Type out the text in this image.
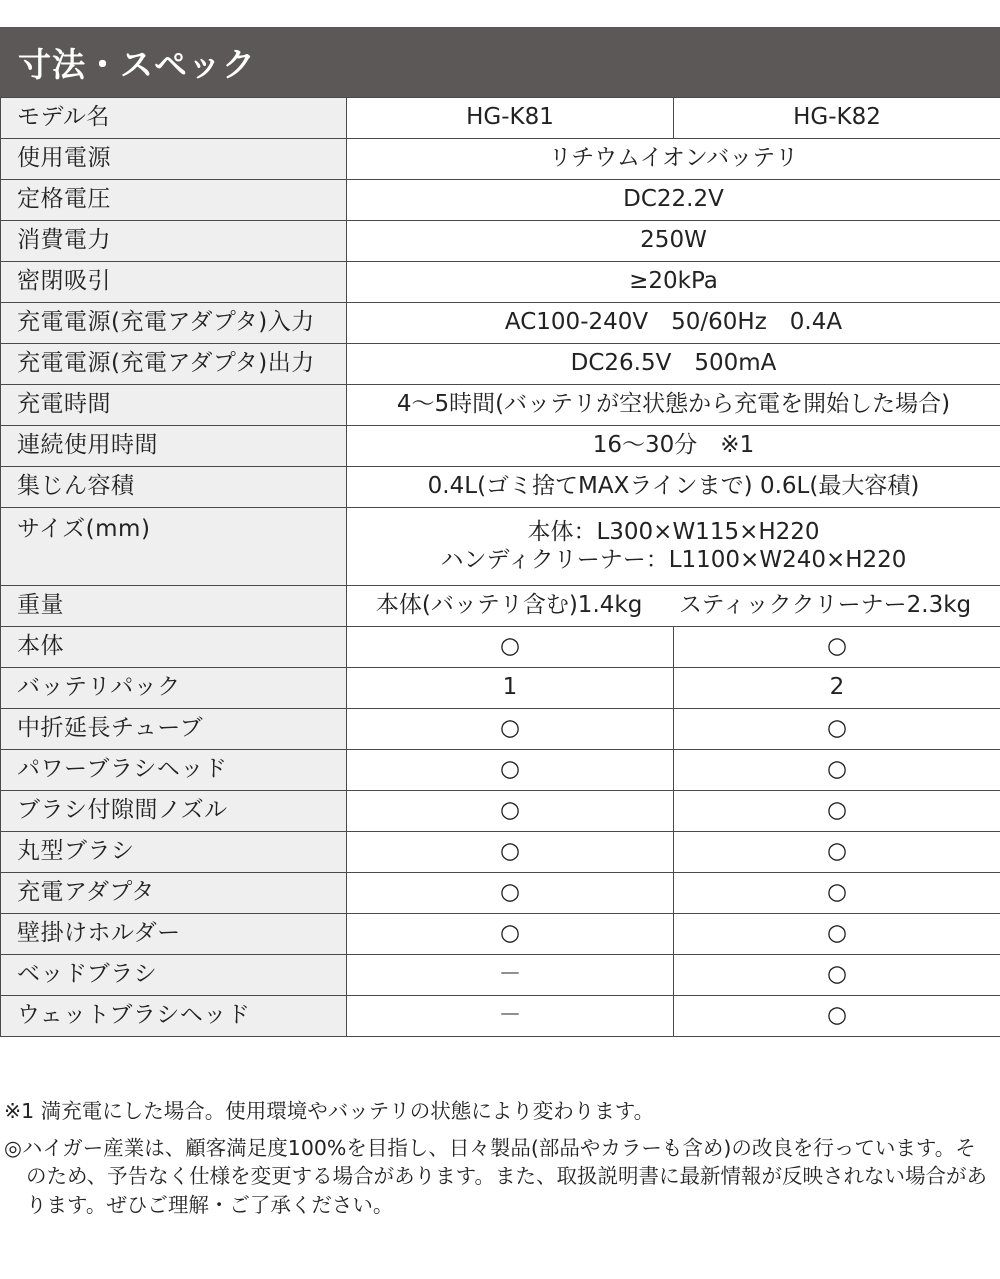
寸法・スペック
モデル名	HG-K81	HG-K82
使用電源	リチウムイオンバッテリ	
定格電圧	DC22.2V	
消費電力	250W	
密閉吸引	≥20kPa	
充電電源(充電アダプタ)入力	AC100-240V　50/60Hz　0.4A	
充電電源(充電アダプタ)出力	DC26.5V　500mA	
充電時間	4～5時間(バッテリが空状態から充電を開始した場合)	
連続使用時間	16～30分　※1	
集じん容積	0.4L(ゴミ捨てMAXラインまで) 0.6L(最大容積)	
サイズ(mm)	本体：L300×W115×H220
ハンディクリーナー：L1100×W240×H220	

重量	本体(バッテリ含む)1.4kg スティッククリーナー2.3kg	
本体	○	○
バッテリパック	1	2
中折延長チューブ	○	○
パワーブラシヘッド	○	○
ブラシ付隙間ノズル	○	○
丸型ブラシ	○	○
充電アダプタ	○	○
壁掛けホルダー	○	○
ベッドブラシ	－	○
ウェットブラシヘッド	－	○

※1 満充電にした場合。使用環境やバッテリの状態により変わります。

◎ハイガー産業は、顧客満足度100%を目指し、日々製品(部品やカラーも含め)の改良を行っています。そのため、予告なく仕様を変更する場合があります。また、取扱説明書に最新情報が反映されない場合があります。ぜひご理解・ご了承ください。
